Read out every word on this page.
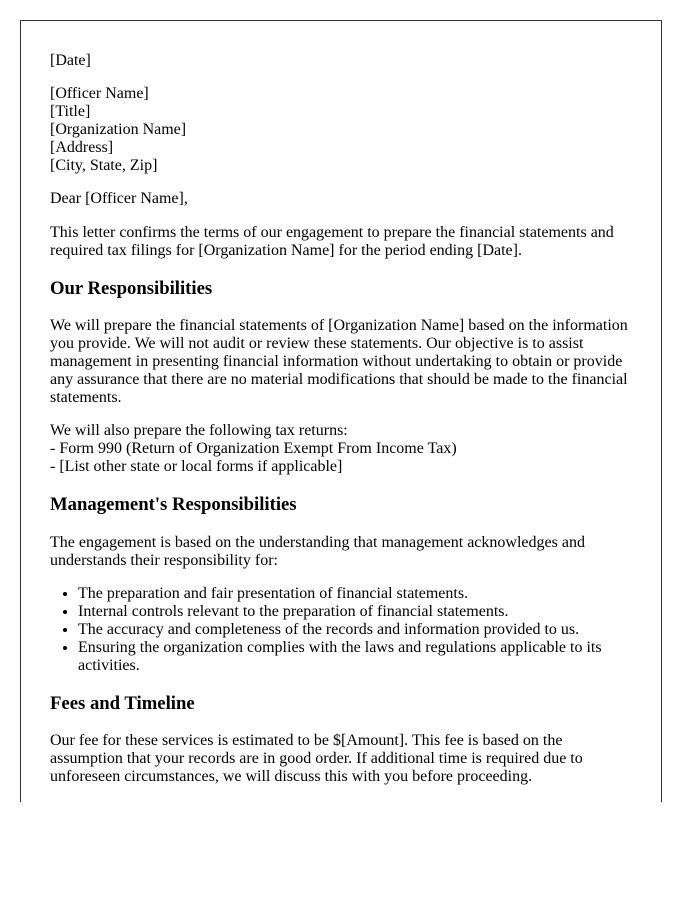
[Date]

[Officer Name]
[Title]
[Organization Name]
[Address]
[City, State, Zip]

Dear [Officer Name],

This letter confirms the terms of our engagement to prepare the financial statements and required tax filings for [Organization Name] for the period ending [Date].

Our Responsibilities

We will prepare the financial statements of [Organization Name] based on the information you provide. We will not audit or review these statements. Our objective is to assist management in presenting financial information without undertaking to obtain or provide any assurance that there are no material modifications that should be made to the financial statements.

We will also prepare the following tax returns:
- Form 990 (Return of Organization Exempt From Income Tax)
- [List other state or local forms if applicable]

Management's Responsibilities

The engagement is based on the understanding that management acknowledges and understands their responsibility for:

• The preparation and fair presentation of financial statements.
• Internal controls relevant to the preparation of financial statements.
• The accuracy and completeness of the records and information provided to us.
• Ensuring the organization complies with the laws and regulations applicable to its activities.
Fees and Timeline

Our fee for these services is estimated to be $[Amount]. This fee is based on the assumption that your records are in good order. If additional time is required due to unforeseen circumstances, we will discuss this with you before proceeding.
